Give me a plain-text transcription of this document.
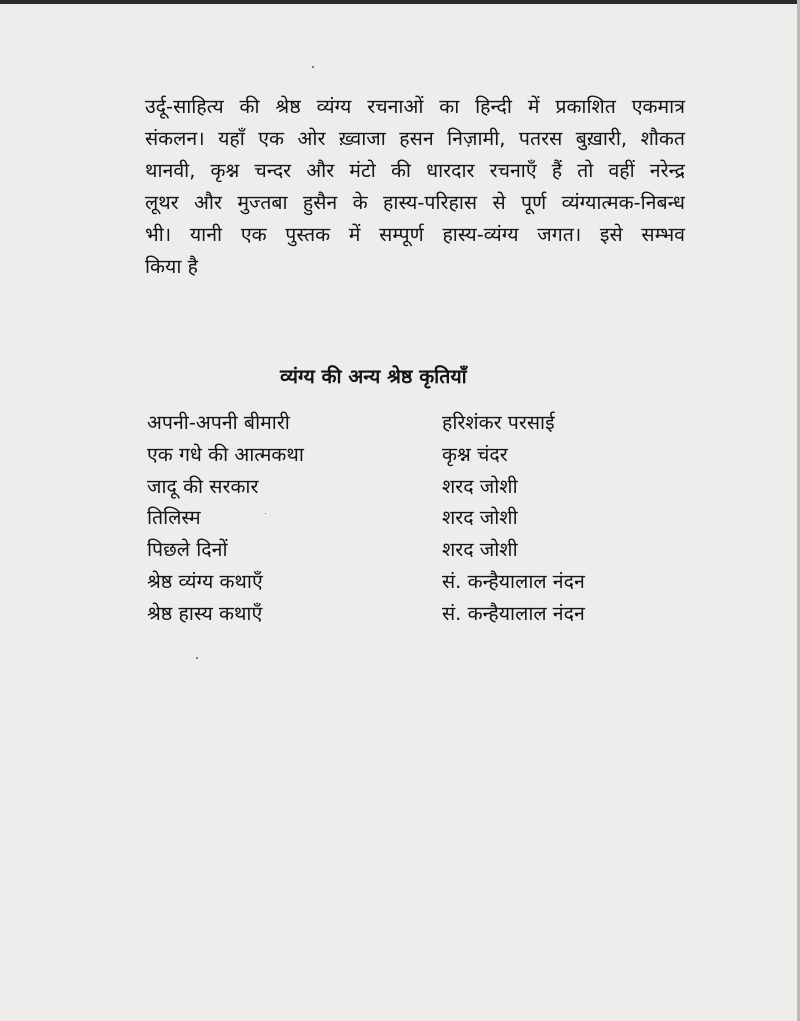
उर्दू-साहित्य की श्रेष्ठ व्यंग्य रचनाओं का हिन्दी में प्रकाशित एकमात्र
संकलन। यहाँ एक ओर ख़्वाजा हसन निज़ामी, पतरस बुख़ारी, शौकत
थानवी, कृश्न चन्दर और मंटो की धारदार रचनाएँ हैं तो वहीं नरेन्द्र
लूथर और मुज्तबा हुसैन के हास्य-परिहास से पूर्ण व्यंग्यात्मक-निबन्ध
भी। यानी एक पुस्तक में सम्पूर्ण हास्य-व्यंग्य जगत। इसे सम्भव
किया है

व्यंग्य की अन्य श्रेष्ठ कृतियाँ
अपनी-अपनी बीमारी	हरिशंकर परसाई
एक गधे की आत्मकथा	कृश्न चंदर
जादू की सरकार	शरद जोशी
तिलिस्म	शरद जोशी
पिछले दिनों	शरद जोशी
श्रेष्ठ व्यंग्य कथाएँ	सं. कन्हैयालाल नंदन
श्रेष्ठ हास्य कथाएँ	सं. कन्हैयालाल नंदन
